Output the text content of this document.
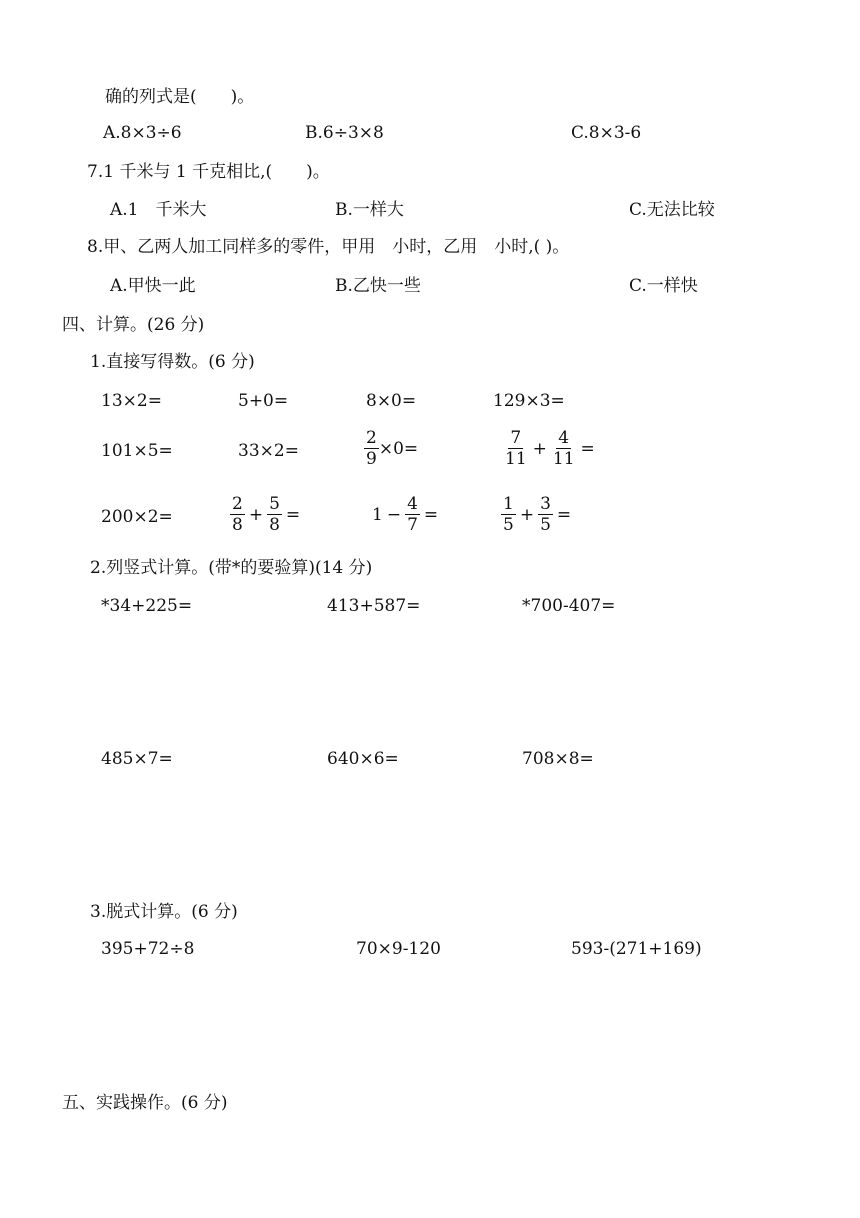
确的列式是(　　)。
A.8×3÷6	B.6÷3×8	C.8×3-6
7.1 千米与 1 千克相比,(　　)。
A.1　千米大	B.一样大	C.无法比较
8.甲、乙两人加工同样多的零件，甲用　小时，乙用　小时,( )。
A.甲快一此	B.乙快一些	C.一样快
四、计算。(26 分)
1.直接写得数。(6 分)
13×2=	5+0=	8×0=	129×3=
101×5=	33×2=	$\frac{2}{9} \times 0=$	$\frac{7}{11} + \frac{4}{11}$ =
200×2=	$\frac{2}{8} + \frac{5}{8}$ =	$1 - \frac{4}{7}$ =	$\frac{1}{5} + \frac{3}{5}$ =
2.列竖式计算。(带*的要验算)(14 分)
*34+225=	413+587=	*700-407=
485×7=	640×6=	708×8=
3.脱式计算。(6 分)
395+72÷8	70×9-120	593-(271+169)
五、实践操作。(6 分)
